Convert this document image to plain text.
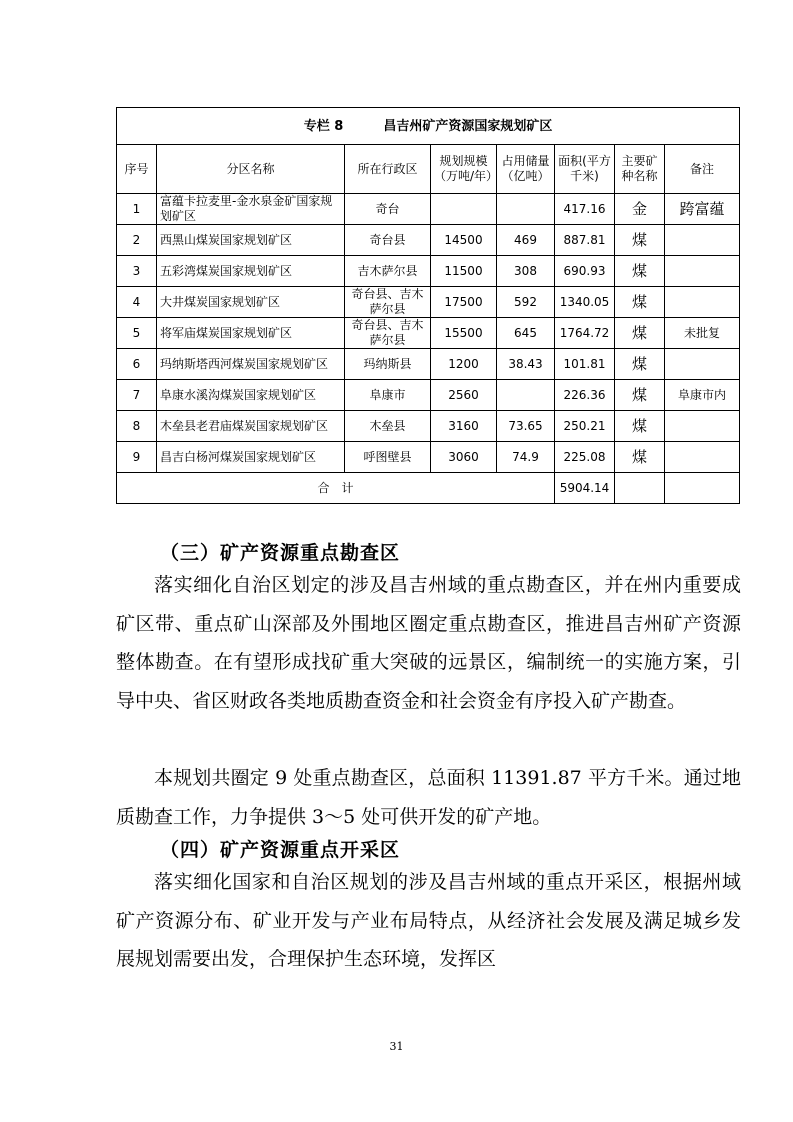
专栏 8 昌吉州矿产资源国家规划矿区							
序号	分区名称	所在行政区	规划规模（万吨/年）	占用储量（亿吨）	面积(平方千米)	主要矿种名称	备注
1	富蕴卡拉麦里-金水泉金矿国家规划矿区	奇台			417.16	金	跨富蕴
2	西黑山煤炭国家规划矿区	奇台县	14500	469	887.81	煤	
3	五彩湾煤炭国家规划矿区	吉木萨尔县	11500	308	690.93	煤	
4	大井煤炭国家规划矿区	奇台县、吉木萨尔县	17500	592	1340.05	煤	
5	将军庙煤炭国家规划矿区	奇台县、吉木萨尔县	15500	645	1764.72	煤	未批复
6	玛纳斯塔西河煤炭国家规划矿区	玛纳斯县	1200	38.43	101.81	煤	
7	阜康水溪沟煤炭国家规划矿区	阜康市	2560		226.36	煤	阜康市内
8	木垒县老君庙煤炭国家规划矿区	木垒县	3160	73.65	250.21	煤	
9	昌吉白杨河煤炭国家规划矿区	呼图壁县	3060	74.9	225.08	煤	
合　计					5904.14		
（三）矿产资源重点勘查区

落实细化自治区划定的涉及昌吉州域的重点勘查区，并在州内重要成矿区带、重点矿山深部及外围地区圈定重点勘查区，推进昌吉州矿产资源整体勘查。在有望形成找矿重大突破的远景区，编制统一的实施方案，引导中央、省区财政各类地质勘查资金和社会资金有序投入矿产勘查。

本规划共圈定 9 处重点勘查区，总面积 11391.87 平方千米。通过地质勘查工作，力争提供 3～5 处可供开发的矿产地。

（四）矿产资源重点开采区

落实细化国家和自治区规划的涉及昌吉州域的重点开采区，根据州域矿产资源分布、矿业开发与产业布局特点，从经济社会发展及满足城乡发展规划需要出发，合理保护生态环境，发挥区

31
